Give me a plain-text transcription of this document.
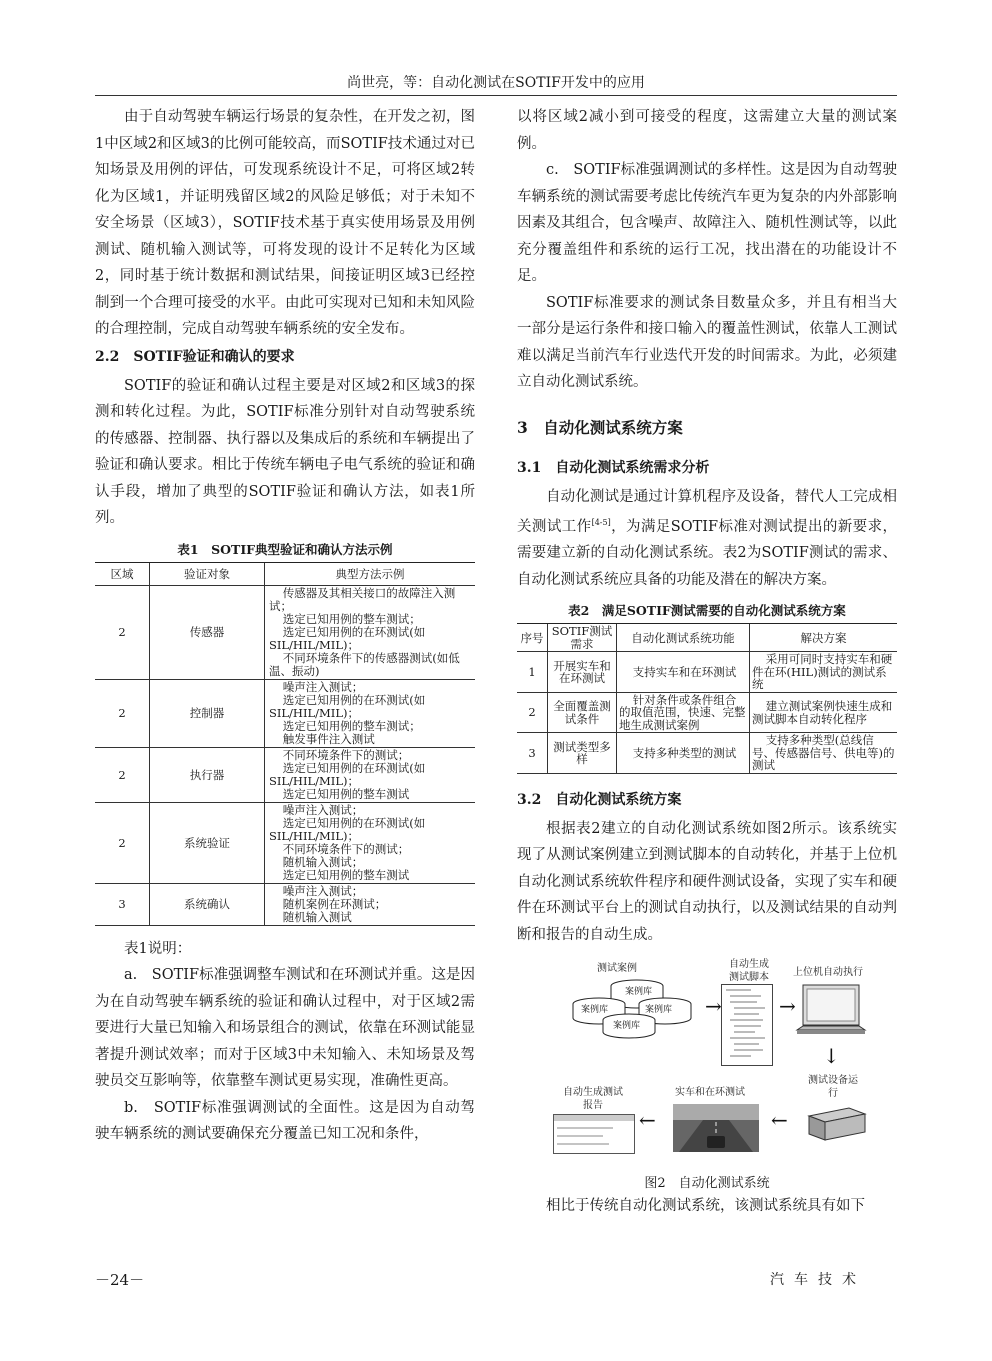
尚世亮，等：自动化测试在SOTIF开发中的应用

由于自动驾驶车辆运行场景的复杂性，在开发之初，图1中区域2和区域3的比例可能较高，而SOTIF技术通过对已知场景及用例的评估，可发现系统设计不足，可将区域2转化为区域1，并证明残留区域2的风险足够低；对于未知不安全场景（区域3），SOTIF技术基于真实使用场景及用例测试、随机输入测试等，可将发现的设计不足转化为区域2，同时基于统计数据和测试结果，间接证明区域3已经控制到一个合理可接受的水平。由此可实现对已知和未知风险的合理控制，完成自动驾驶车辆系统的安全发布。

2.2　SOTIF验证和确认的要求

SOTIF的验证和确认过程主要是对区域2和区域3的探测和转化过程。为此，SOTIF标准分别针对自动驾驶系统的传感器、控制器、执行器以及集成后的系统和车辆提出了验证和确认要求。相比于传统车辆电子电气系统的验证和确认手段，增加了典型的SOTIF验证和确认方法，如表1所列。

表1　SOTIF典型验证和确认方法示例
区域	验证对象	典型方法示例
2	传感器	传感器及其相关接口的故障注入测试；
选定已知用例的整车测试；
选定已知用例的在环测试(如SIL/HIL/MIL)；
不同环境条件下的传感器测试(如低温、振动)

2	控制器	噪声注入测试；
选定已知用例的在环测试(如SIL/HIL/MIL)；
选定已知用例的整车测试；
触发事件注入测试

2	执行器	不同环境条件下的测试；
选定已知用例的在环测试(如SIL/HIL/MIL)；
选定已知用例的整车测试

2	系统验证	噪声注入测试；
选定已知用例的在环测试(如SIL/HIL/MIL)；
不同环境条件下的测试；
随机输入测试；
选定已知用例的整车测试

3	系统确认	噪声注入测试；
随机案例在环测试；
随机输入测试

表1说明：

a.　SOTIF标准强调整车测试和在环测试并重。这是因为在自动驾驶车辆系统的验证和确认过程中，对于区域2需要进行大量已知输入和场景组合的测试，依靠在环测试能显著提升测试效率；而对于区域3中未知输入、未知场景及驾驶员交互影响等，依靠整车测试更易实现，准确性更高。

b.　SOTIF标准强调测试的全面性。这是因为自动驾驶车辆系统的测试要确保充分覆盖已知工况和条件，

以将区域2减小到可接受的程度，这需建立大量的测试案例。

c.　SOTIF标准强调测试的多样性。这是因为自动驾驶车辆系统的测试需要考虑比传统汽车更为复杂的内外部影响因素及其组合，包含噪声、故障注入、随机性测试等，以此充分覆盖组件和系统的运行工况，找出潜在的功能设计不足。

SOTIF标准要求的测试条目数量众多，并且有相当大一部分是运行条件和接口输入的覆盖性测试，依靠人工测试难以满足当前汽车行业迭代开发的时间需求。为此，必须建立自动化测试系统。

3　自动化测试系统方案
3.1　自动化测试系统需求分析

自动化测试是通过计算机程序及设备，替代人工完成相关测试工作[4-5]，为满足SOTIF标准对测试提出的新要求，需要建立新的自动化测试系统。表2为SOTIF测试的需求、自动化测试系统应具备的功能及潜在的解决方案。

表2　满足SOTIF测试需要的自动化测试系统方案
序号	SOTIF测试需求	自动化测试系统功能	解决方案
1	开展实车和在环测试	支持实车和在环测试	采用可同时支持实车和硬件在环(HIL)测试的测试系统
2	全面覆盖测试条件	针对条件或条件组合的取值范围，快速、完整地生成测试案例	建立测试案例快速生成和测试脚本自动转化程序
3	测试类型多样	支持多种类型的测试	支持多种类型(总线信号、传感器信号、供电等)的测试
3.2　自动化测试系统方案

根据表2建立的自动化测试系统如图2所示。该系统实现了从测试案例建立到测试脚本的自动转化，并基于上位机自动化测试系统软件程序和硬件测试设备，实现了实车和硬件在环测试平台上的测试自动执行，以及测试结果的自动判断和报告的自动生成。

测试案例
案例库
案例库	案例库
案例库
→
自动生成测试脚本
→
上位机自动执行
↓
测试设备运行
←
实车和在环测试
←
自动生成测试报告
图2　自动化测试系统

相比于传统自动化测试系统，该测试系统具有如下

－24－	汽车技术
